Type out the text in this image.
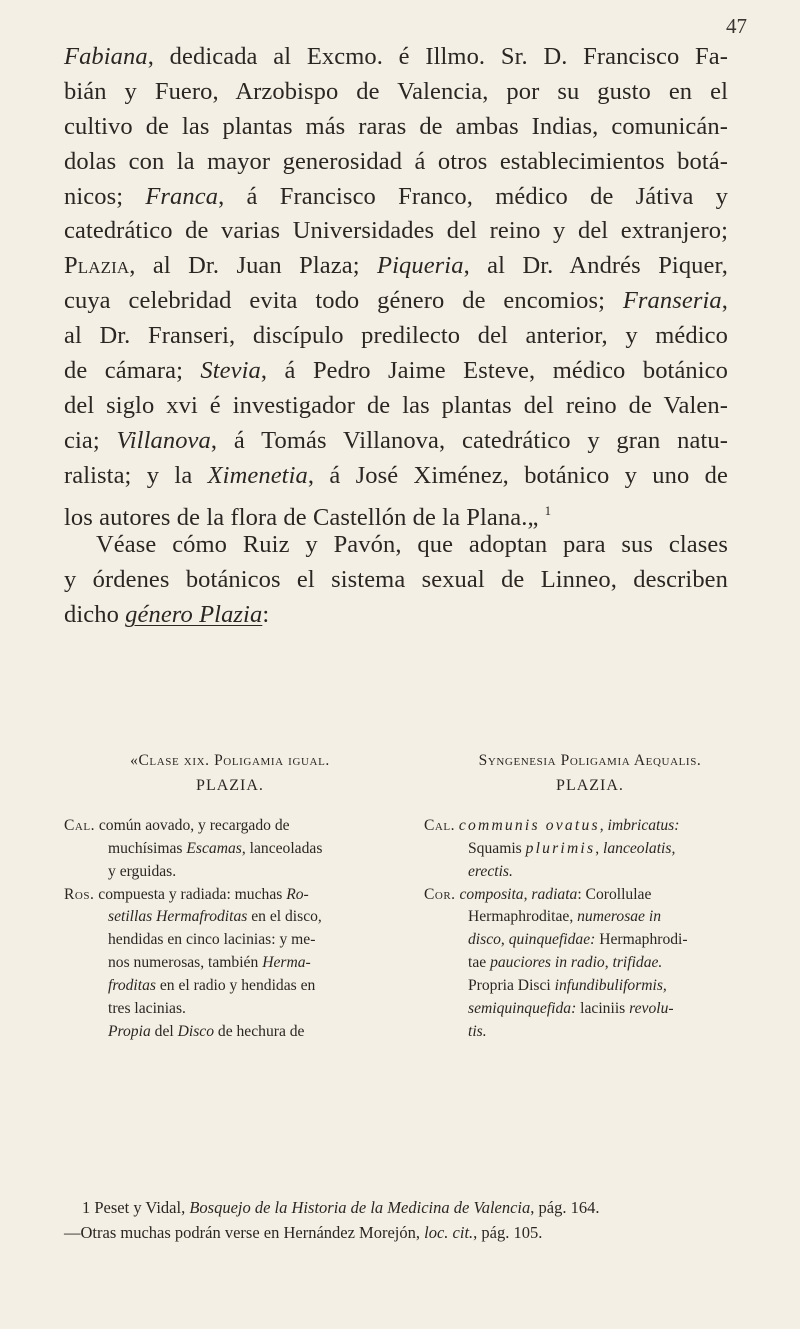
47
Fabiana, dedicada al Excmo. é Illmo. Sr. D. Francisco Fa-
bián y Fuero, Arzobispo de Valencia, por su gusto en el
cultivo de las plantas más raras de ambas Indias, comunicán-
dolas con la mayor generosidad á otros establecimientos botá-
nicos; Franca, á Francisco Franco, médico de Játiva y
catedrático de varias Universidades del reino y del extranjero;
Plazia, al Dr. Juan Plaza; Piqueria, al Dr. Andrés Piquer,
cuya celebridad evita todo género de encomios; Franseria,
al Dr. Franseri, discípulo predilecto del anterior, y médico
de cámara; Stevia, á Pedro Jaime Esteve, médico botánico
del siglo xvi é investigador de las plantas del reino de Valen-
cia; Villanova, á Tomás Villanova, catedrático y gran natu-
ralista; y la Ximenetia, á José Ximénez, botánico y uno de
los autores de la flora de Castellón de la Plana.„ $^1$
Véase cómo Ruiz y Pavón, que adoptan para sus clases
y órdenes botánicos el sistema sexual de Linneo, describen
dicho género Plazia:
«Clase xix. Poligamia igual.
PLAZIA.
Cal. común aovado, y recargado de
muchísimas Escamas, lanceoladas
y erguidas.
Ros. compuesta y radiada: muchas Ro-
setillas Hermafroditas en el disco,
hendidas en cinco lacinias: y me-
nos numerosas, también Herma-
froditas en el radio y hendidas en
tres lacinias.
Propia del Disco de hechura de
Syngenesia Poligamia Aequalis.
PLAZIA.
Cal. communis ovatus, imbricatus:
Squamis plurimis, lanceolatis,
erectis.
Cor. composita, radiata: Corollulae
Hermaphroditae, numerosae in
disco, quinquefidae: Hermaphrodi-
tae pauciores in radio, trifidae.
Propria Disci infundibuliformis,
semiquinquefida: laciniis revolu-
tis.
1 Peset y Vidal, Bosquejo de la Historia de la Medicina de Valencia, pág. 164.
—Otras muchas podrán verse en Hernández Morejón, loc. cit., pág. 105.
